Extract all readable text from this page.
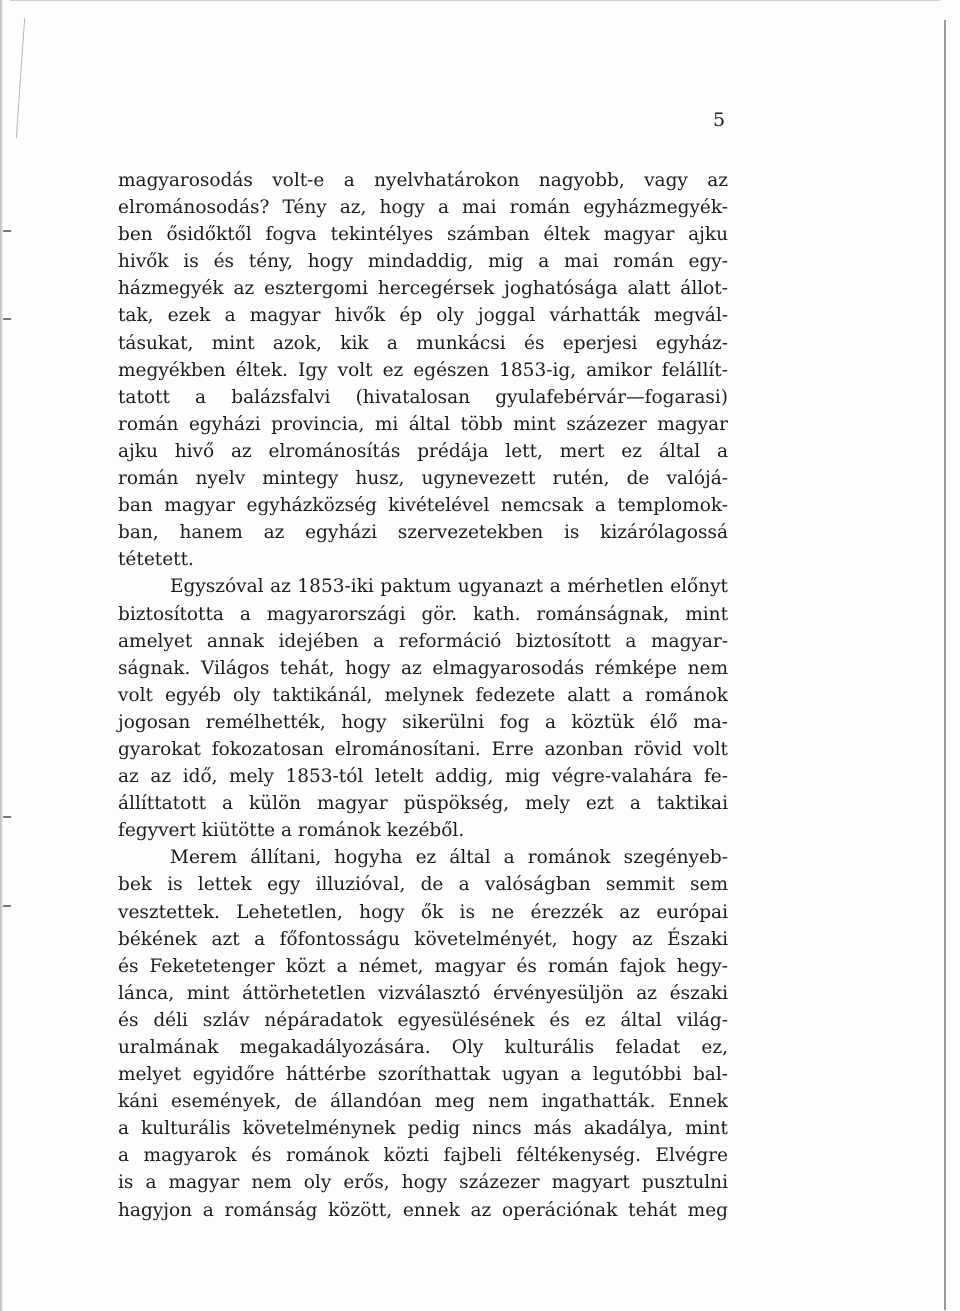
5
magyarosodás volt-e a nyelvhatárokon nagyobb, vagy az
elrománosodás? Tény az, hogy a mai román egyházmegyék-
ben ősidőktől fogva tekintélyes számban éltek magyar ajku
hivők is és tény, hogy mindaddig, mig a mai román egy-
házmegyék az esztergomi hercegérsek joghatósága alatt állot-
tak, ezek a magyar hivők ép oly joggal várhatták megvál-
tásukat, mint azok, kik a munkácsi és eperjesi egyház-
megyékben éltek. Igy volt ez egészen 1853-ig, amikor felállít-
tatott a balázsfalvi (hivatalosan gyulafebérvár—fogarasi)
román egyházi provincia, mi által több mint százezer magyar
ajku hivő az elrománosítás prédája lett, mert ez által a
román nyelv mintegy husz, ugynevezett rutén, de valójá-
ban magyar egyházközség kivételével nemcsak a templomok-
ban, hanem az egyházi szervezetekben is kizárólagossá
tétetett.
Egyszóval az 1853-iki paktum ugyanazt a mérhetlen előnyt
biztosította a magyarországi gör. kath. románságnak, mint
amelyet annak idejében a reformáció biztosított a magyar-
ságnak. Világos tehát, hogy az elmagyarosodás rémképe nem
volt egyéb oly taktikánál, melynek fedezete alatt a románok
jogosan remélhették, hogy sikerülni fog a köztük élő ma-
gyarokat fokozatosan elrománosítani. Erre azonban rövid volt
az az idő, mely 1853-tól letelt addig, mig végre-valahára fe-
állíttatott a külön magyar püspökség, mely ezt a taktikai
fegyvert kiütötte a románok kezéből.
Merem állítani, hogyha ez által a románok szegényeb-
bek is lettek egy illuzióval, de a valóságban semmit sem
vesztettek. Lehetetlen, hogy ők is ne érezzék az európai
békének azt a főfontosságu követelményét, hogy az Északi
és Feketetenger közt a német, magyar és román fajok hegy-
lánca, mint áttörhetetlen vizválasztó érvényesüljön az északi
és déli szláv népáradatok egyesülésének és ez által világ-
uralmának megakadályozására. Oly kulturális feladat ez,
melyet egyidőre háttérbe szoríthattak ugyan a legutóbbi bal-
káni események, de állandóan meg nem ingathatták. Ennek
a kulturális követelménynek pedig nincs más akadálya, mint
a magyarok és románok közti fajbeli féltékenység. Elvégre
is a magyar nem oly erős, hogy százezer magyart pusztulni
hagyjon a románság között, ennek az operációnak tehát meg
